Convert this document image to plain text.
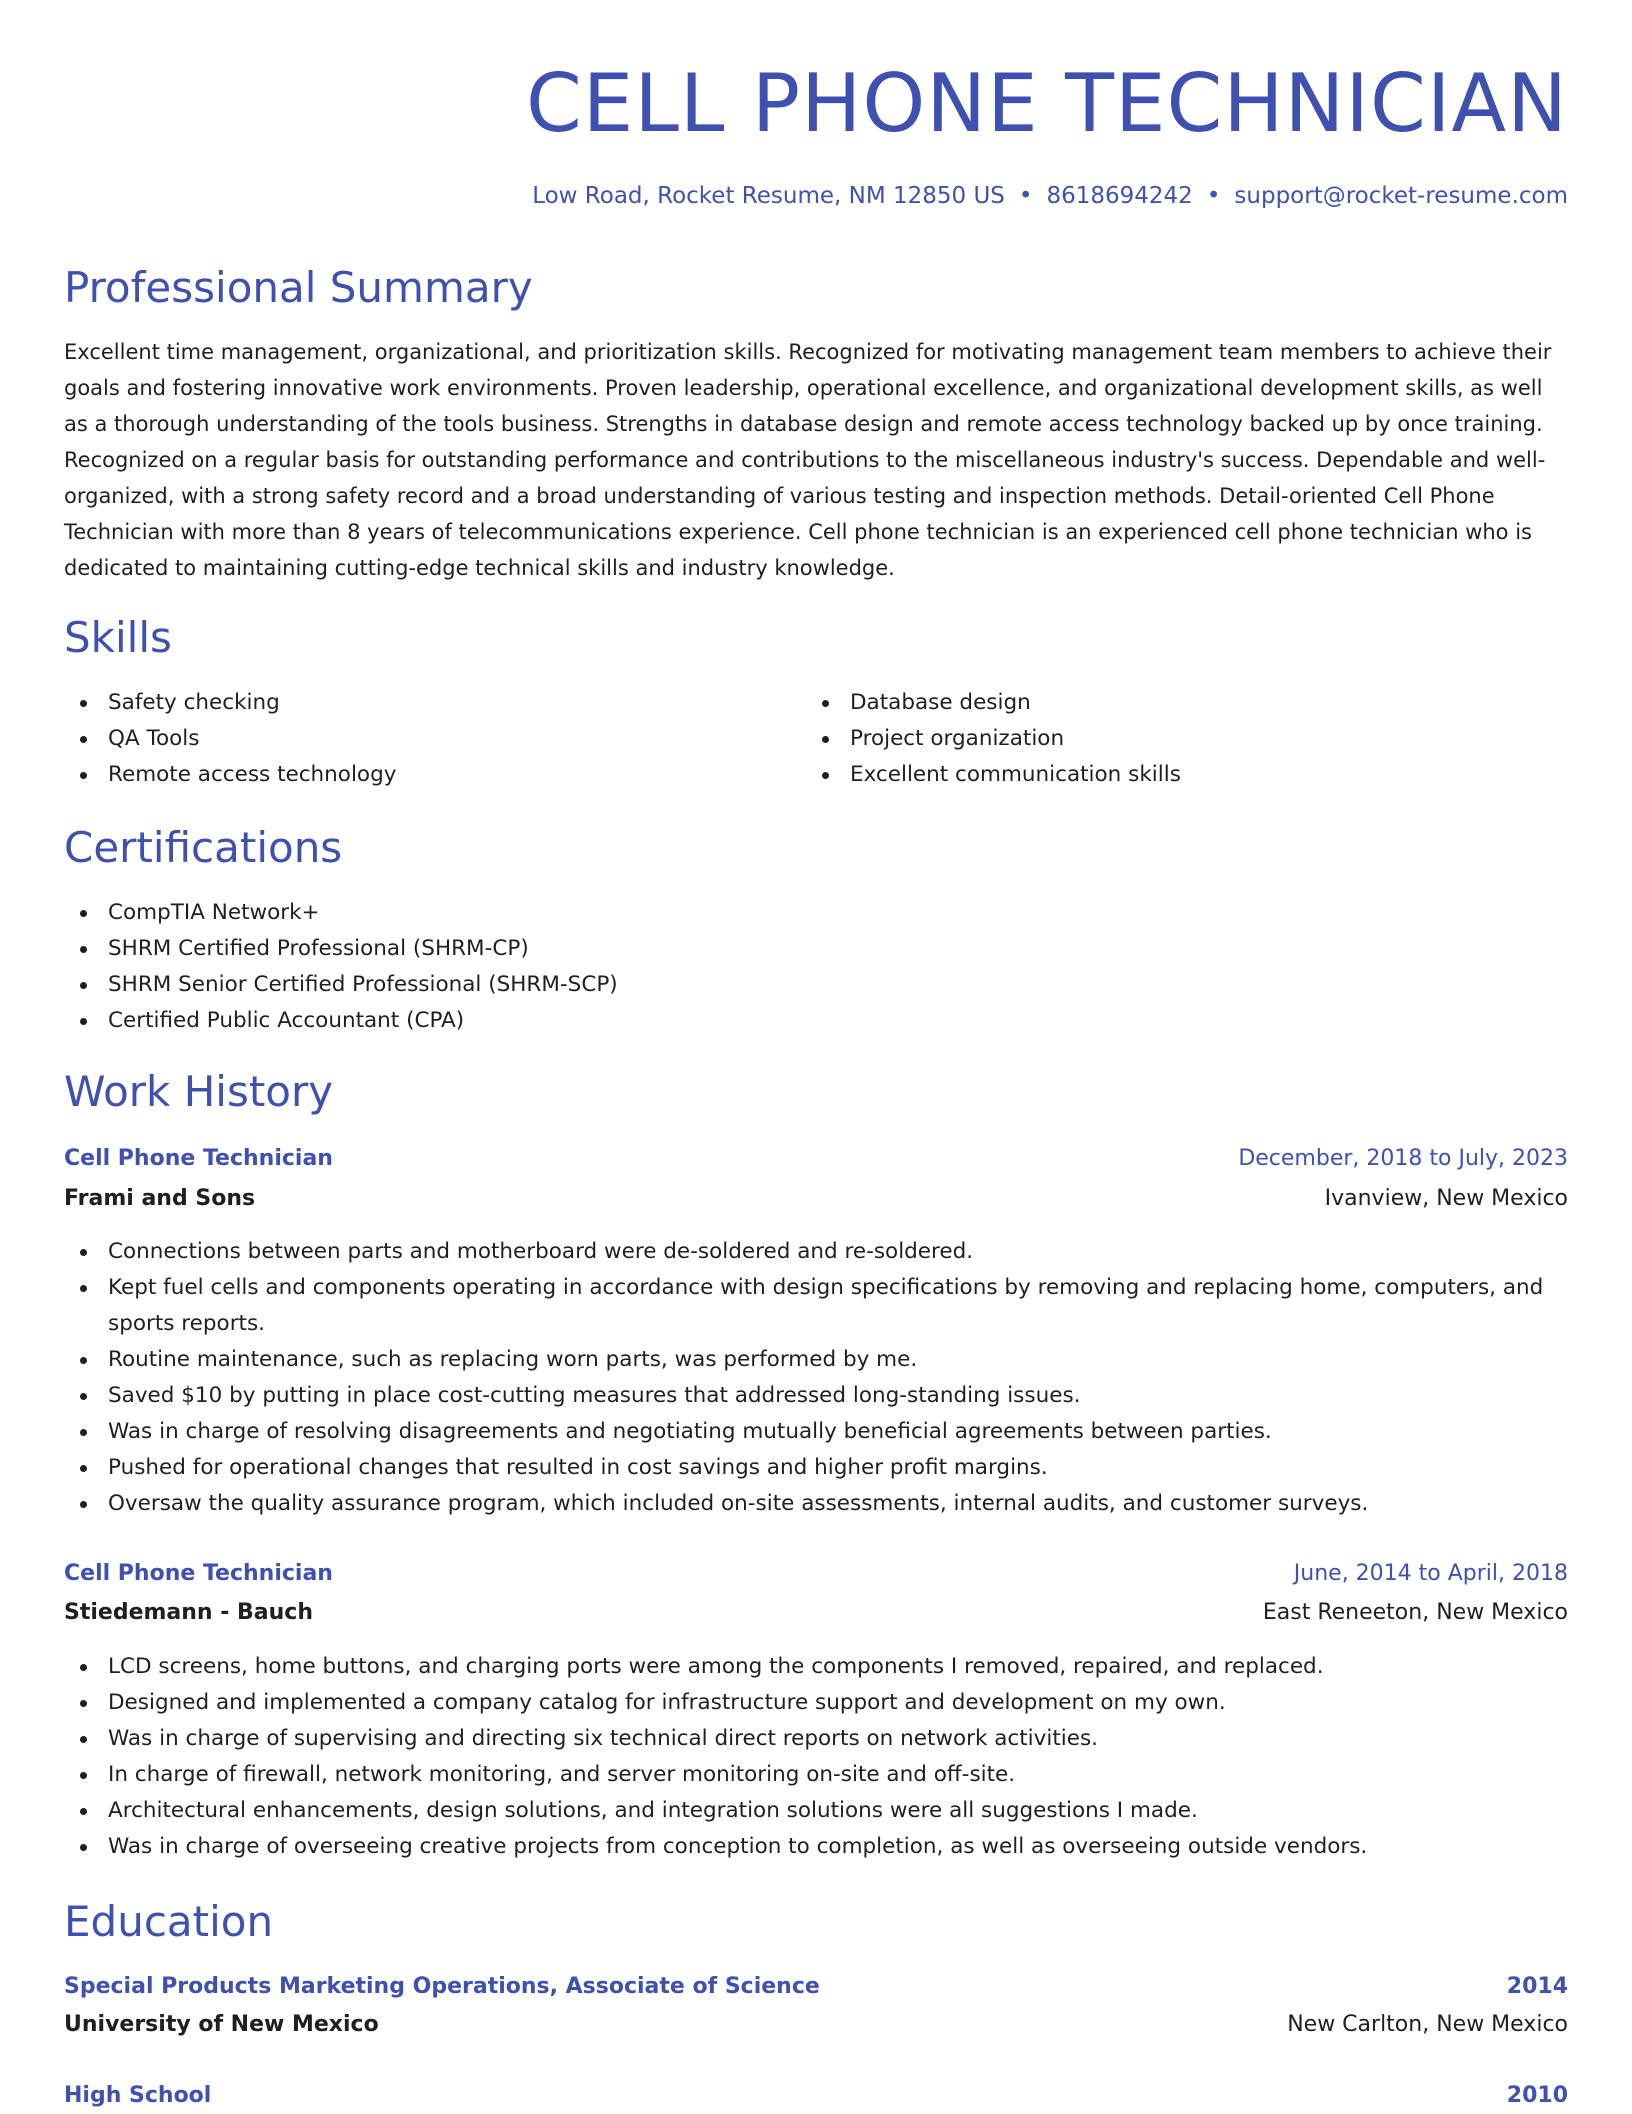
CELL PHONE TECHNICIAN
Low Road, Rocket Resume, NM 12850 US • 8618694242 • support@rocket-resume.com
Professional Summary

Excellent time management, organizational, and prioritization skills. Recognized for motivating management team members to achieve their goals and fostering innovative work environments. Proven leadership, operational excellence, and organizational development skills, as well as a thorough understanding of the tools business. Strengths in database design and remote access technology backed up by once training. Recognized on a regular basis for outstanding performance and contributions to the miscellaneous industry's success. Dependable and well-organized, with a strong safety record and a broad understanding of various testing and inspection methods. Detail-oriented Cell Phone Technician with more than 8 years of telecommunications experience. Cell phone technician is an experienced cell phone technician who is dedicated to maintaining cutting-edge technical skills and industry knowledge.

Skills
Safety checking
QA Tools
Remote access technology
Database design
Project organization
Excellent communication skills
Certifications
CompTIA Network+
SHRM Certified Professional (SHRM-CP)
SHRM Senior Certified Professional (SHRM-SCP)
Certified Public Accountant (CPA)
Work History
Cell Phone Technician	December, 2018 to July, 2023
Frami and Sons	Ivanview, New Mexico
Connections between parts and motherboard were de-soldered and re-soldered.
Kept fuel cells and components operating in accordance with design specifications by removing and replacing home, computers, and sports reports.
Routine maintenance, such as replacing worn parts, was performed by me.
Saved $10 by putting in place cost-cutting measures that addressed long-standing issues.
Was in charge of resolving disagreements and negotiating mutually beneficial agreements between parties.
Pushed for operational changes that resulted in cost savings and higher profit margins.
Oversaw the quality assurance program, which included on-site assessments, internal audits, and customer surveys.
Cell Phone Technician	June, 2014 to April, 2018
Stiedemann - Bauch	East Reneeton, New Mexico
LCD screens, home buttons, and charging ports were among the components I removed, repaired, and replaced.
Designed and implemented a company catalog for infrastructure support and development on my own.
Was in charge of supervising and directing six technical direct reports on network activities.
In charge of firewall, network monitoring, and server monitoring on-site and off-site.
Architectural enhancements, design solutions, and integration solutions were all suggestions I made.
Was in charge of overseeing creative projects from conception to completion, as well as overseeing outside vendors.
Education
Special Products Marketing Operations, Associate of Science	2014
University of New Mexico	New Carlton, New Mexico
High School	2010
